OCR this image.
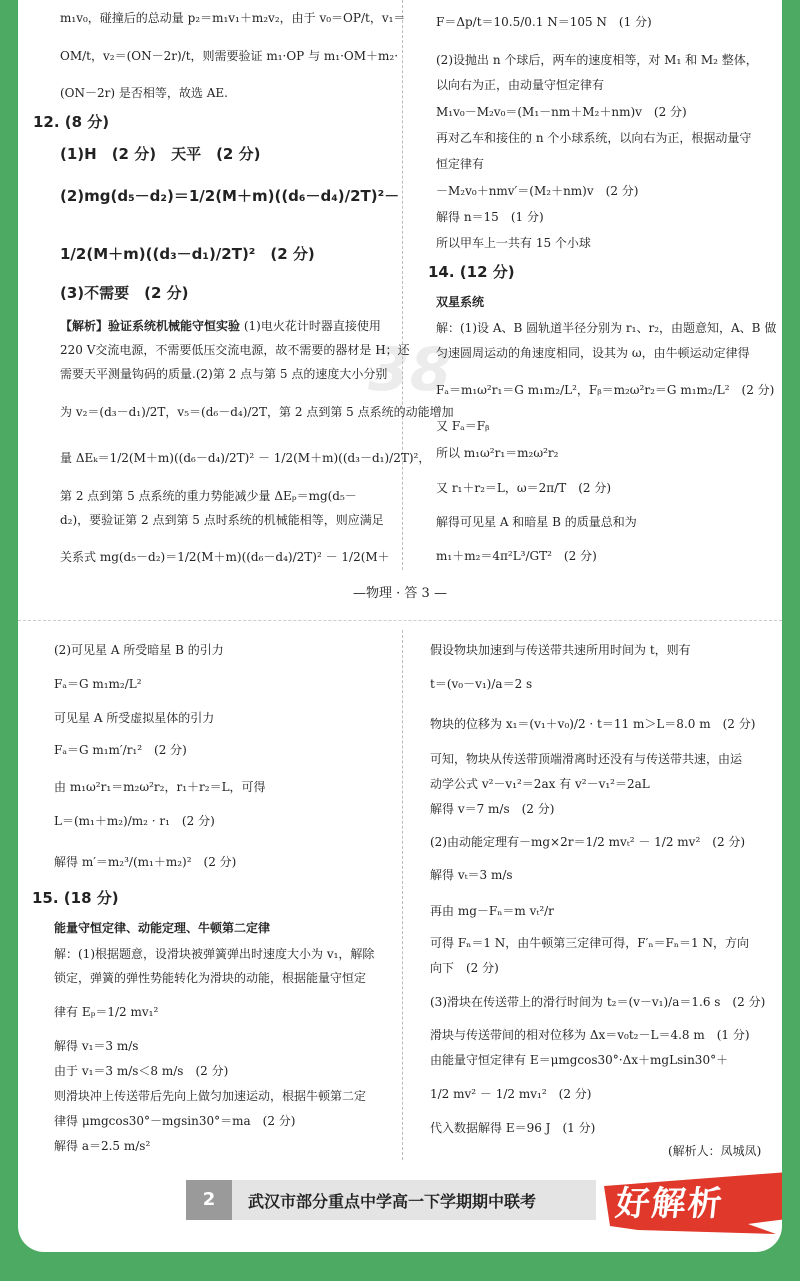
38
m₁v₀，碰撞后的总动量 p₂＝m₁v₁＋m₂v₂，由于 v₀＝OP/t，v₁＝
OM/t，v₂＝(ON－2r)/t，则需要验证 m₁·OP 与 m₁·OM＋m₂·
(ON－2r) 是否相等，故选 AE.
12. (8 分)
(1)H　(2 分)　天平　(2 分)
(2)mg(d₅－d₂)＝1/2(M＋m)((d₆－d₄)/2T)²－
1/2(M＋m)((d₃－d₁)/2T)²　(2 分)
(3)不需要　(2 分)
【解析】验证系统机械能守恒实验 (1)电火花计时器直接使用
220 V交流电源，不需要低压交流电源，故不需要的器材是 H；还
需要天平测量钩码的质量.(2)第 2 点与第 5 点的速度大小分别
为 v₂＝(d₃－d₁)/2T，v₅＝(d₆－d₄)/2T，第 2 点到第 5 点系统的动能增加
量 ΔEₖ＝1/2(M＋m)((d₆－d₄)/2T)² － 1/2(M＋m)((d₃－d₁)/2T)²，
第 2 点到第 5 点系统的重力势能减少量 ΔEₚ＝mg(d₅－
d₂)，要验证第 2 点到第 5 点时系统的机械能相等，则应满足
关系式 mg(d₅－d₂)＝1/2(M＋m)((d₆－d₄)/2T)² － 1/2(M＋
F＝Δp/t＝10.5/0.1 N＝105 N　(1 分)
(2)设抛出 n 个球后，两车的速度相等，对 M₁ 和 M₂ 整体，
以向右为正，由动量守恒定律有
M₁v₀－M₂v₀＝(M₁－nm＋M₂＋nm)v　(2 分)
再对乙车和接住的 n 个小球系统，以向右为正，根据动量守
恒定律有
－M₂v₀＋nmv′＝(M₂＋nm)v　(2 分)
解得 n＝15　(1 分)
所以甲车上一共有 15 个小球
14. (12 分)
双星系统
解：(1)设 A、B 圆轨道半径分别为 r₁、r₂，由题意知，A、B 做
匀速圆周运动的角速度相同，设其为 ω，由牛顿运动定律得
Fₐ＝m₁ω²r₁＝G m₁m₂/L²，Fᵦ＝m₂ω²r₂＝G m₁m₂/L²　(2 分)
又 Fₐ＝Fᵦ
所以 m₁ω²r₁＝m₂ω²r₂
又 r₁＋r₂＝L，ω＝2π/T　(2 分)
解得可见星 A 和暗星 B 的质量总和为
m₁＋m₂＝4π²L³/GT²　(2 分)
—物理 · 答 3 —
(2)可见星 A 所受暗星 B 的引力
Fₐ＝G m₁m₂/L²
可见星 A 所受虚拟星体的引力
Fₐ＝G m₁m′/r₁²　(2 分)
由 m₁ω²r₁＝m₂ω²r₂，r₁＋r₂＝L，可得
L＝(m₁＋m₂)/m₂ · r₁　(2 分)
解得 m′＝m₂³/(m₁＋m₂)²　(2 分)
15. (18 分)
能量守恒定律、动能定理、牛顿第二定律
解：(1)根据题意，设滑块被弹簧弹出时速度大小为 v₁，解除
锁定，弹簧的弹性势能转化为滑块的动能，根据能量守恒定
律有 Eₚ＝1/2 mv₁²
解得 v₁＝3 m/s
由于 v₁＝3 m/s＜8 m/s　(2 分)
则滑块冲上传送带后先向上做匀加速运动，根据牛顿第二定
律得 μmgcos30°－mgsin30°＝ma　(2 分)
解得 a＝2.5 m/s²
假设物块加速到与传送带共速所用时间为 t，则有
t＝(v₀－v₁)/a＝2 s
物块的位移为 x₁＝(v₁＋v₀)/2 · t＝11 m＞L＝8.0 m　(2 分)
可知，物块从传送带顶端滑离时还没有与传送带共速，由运
动学公式 v²－v₁²＝2ax 有 v²－v₁²＝2aL
解得 v＝7 m/s　(2 分)
(2)由动能定理有－mg×2r＝1/2 mvₜ² － 1/2 mv²　(2 分)
解得 vₜ＝3 m/s
再由 mg－Fₙ＝m vₜ²/r
可得 Fₙ＝1 N，由牛顿第三定律可得，F′ₙ＝Fₙ＝1 N，方向
向下　(2 分)
(3)滑块在传送带上的滑行时间为 t₂＝(v－v₁)/a＝1.6 s　(2 分)
滑块与传送带间的相对位移为 Δx＝v₀t₂－L＝4.8 m　(1 分)
由能量守恒定律有 E＝μmgcos30°·Δx＋mgLsin30°＋
1/2 mv² － 1/2 mv₁²　(2 分)
代入数据解得 E＝96 J　(1 分)
(解析人：凤城凤)
2	武汉市部分重点中学高一下学期期中联考 好解析
